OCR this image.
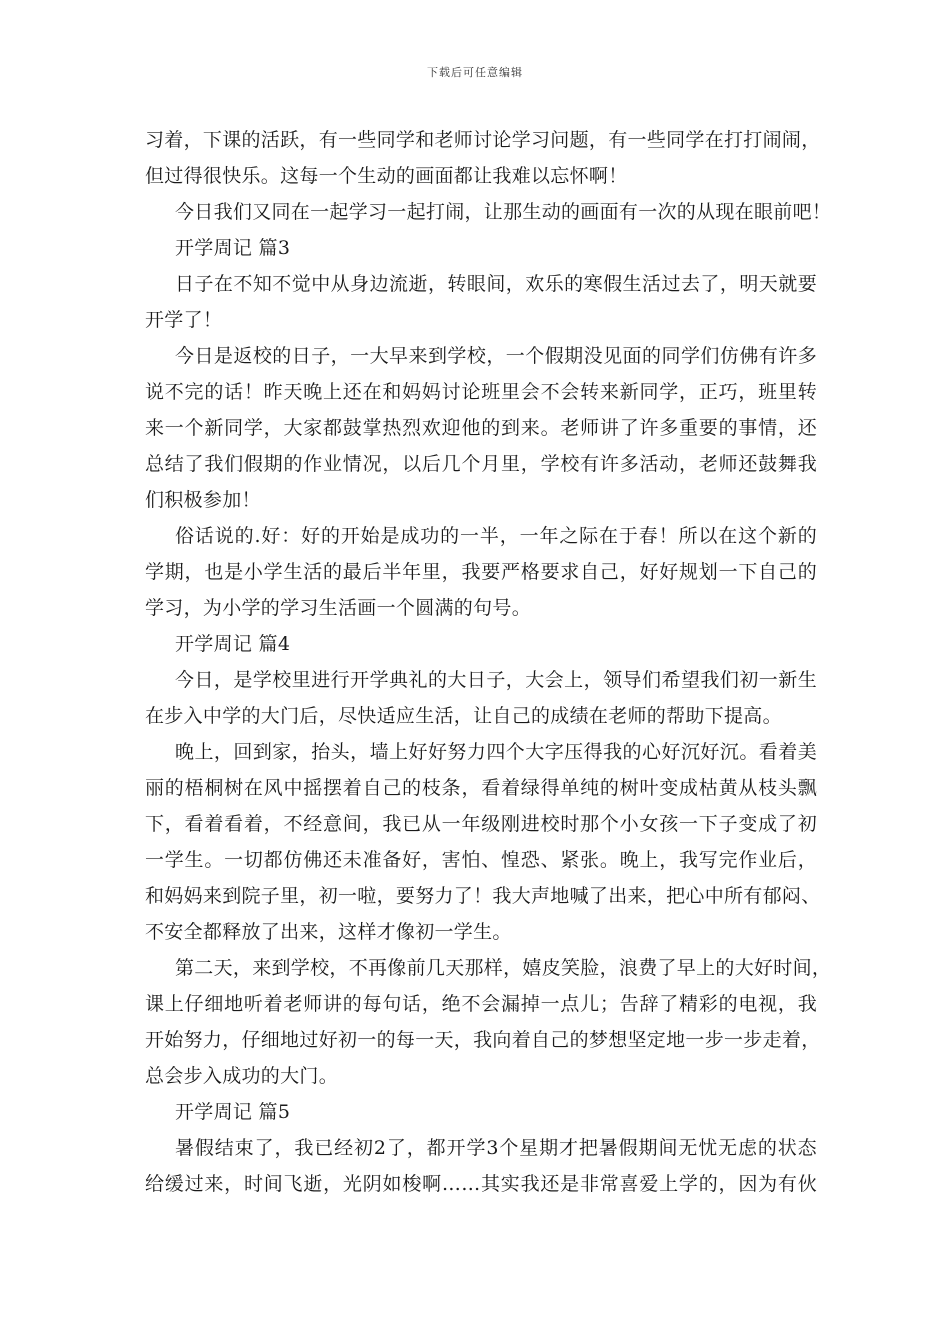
下载后可任意编辑
习着，下课的活跃，有一些同学和老师讨论学习问题，有一些同学在打打闹闹，
但过得很快乐。这每一个生动的画面都让我难以忘怀啊！
今日我们又同在一起学习一起打闹，让那生动的画面有一次的从现在眼前吧！
开学周记 篇3
日子在不知不觉中从身边流逝，转眼间，欢乐的寒假生活过去了，明天就要
开学了！
今日是返校的日子，一大早来到学校，一个假期没见面的同学们仿佛有许多
说不完的话！昨天晚上还在和妈妈讨论班里会不会转来新同学，正巧，班里转
来一个新同学，大家都鼓掌热烈欢迎他的到来。老师讲了许多重要的事情，还
总结了我们假期的作业情况，以后几个月里，学校有许多活动，老师还鼓舞我
们积极参加！
俗话说的.好：好的开始是成功的一半，一年之际在于春！所以在这个新的
学期，也是小学生活的最后半年里，我要严格要求自己，好好规划一下自己的
学习，为小学的学习生活画一个圆满的句号。
开学周记 篇4
今日，是学校里进行开学典礼的大日子，大会上，领导们希望我们初一新生
在步入中学的大门后，尽快适应生活，让自己的成绩在老师的帮助下提高。
晚上，回到家，抬头，墙上好好努力四个大字压得我的心好沉好沉。看着美
丽的梧桐树在风中摇摆着自己的枝条，看着绿得单纯的树叶变成枯黄从枝头飘
下，看着看着，不经意间，我已从一年级刚进校时那个小女孩一下子变成了初
一学生。一切都仿佛还未准备好，害怕、惶恐、紧张。晚上，我写完作业后，
和妈妈来到院子里，初一啦，要努力了！我大声地喊了出来，把心中所有郁闷、
不安全都释放了出来，这样才像初一学生。
第二天，来到学校，不再像前几天那样，嬉皮笑脸，浪费了早上的大好时间，
课上仔细地听着老师讲的每句话，绝不会漏掉一点儿；告辞了精彩的电视，我
开始努力，仔细地过好初一的每一天，我向着自己的梦想坚定地一步一步走着，
总会步入成功的大门。
开学周记 篇5
暑假结束了，我已经初2了，都开学3个星期才把暑假期间无忧无虑的状态
给缓过来，时间飞逝，光阴如梭啊……其实我还是非常喜爱上学的，因为有伙
